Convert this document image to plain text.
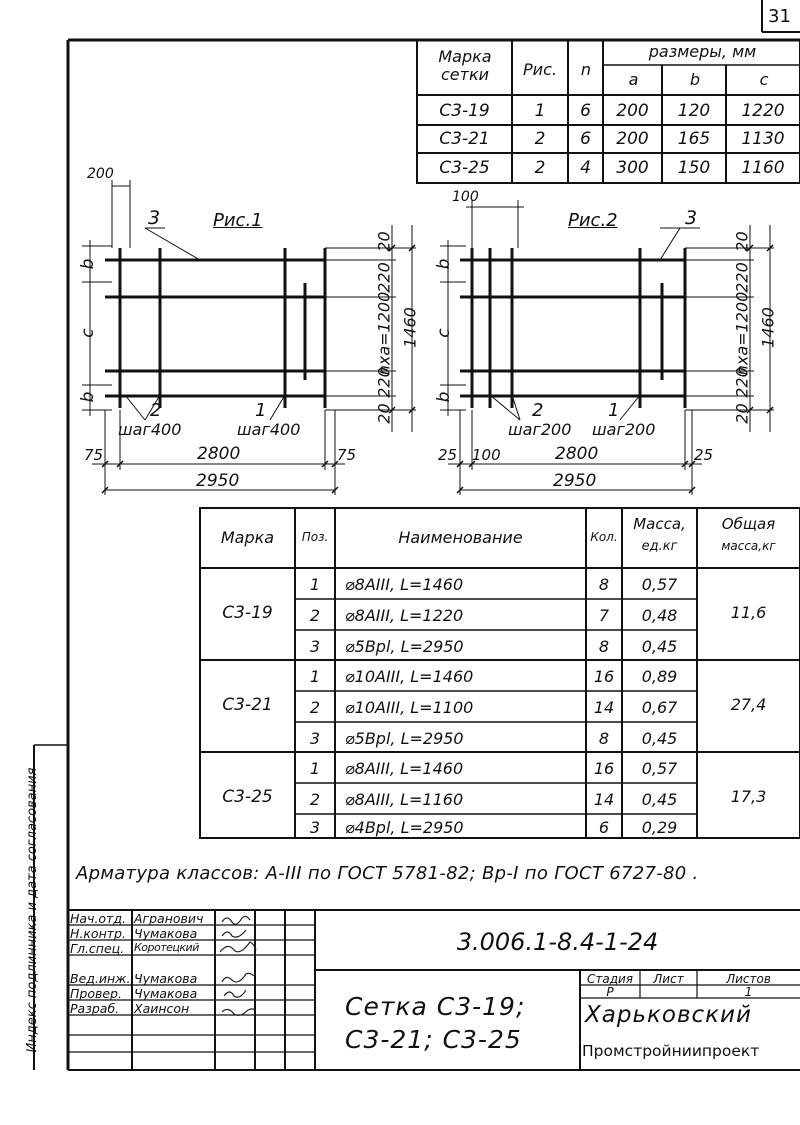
31
Марка сетки	Рис.	n
размеры, мм
a	b	c
С3-19	1	6	200	120	1220
С3-21	2	6	200	165	1130
С3-25	2	4	300	150	1160
200
3	Рис.1
b
c
b
20
220
nxa=1200
220
20
1460
2	1
шаг400	шаг400
75	2800	75
2950
100
Рис.2	3
b
c
b
20
220
nxa=1200
220
20
1460
2	1
шаг200 шаг200
25 100	2800	25
2950
Марка	Поз.	Наименование	Кол.
Масса,
ед.кг
Общая
масса,кг
С3-19	11,6
1	⌀8AIII, L=1460	8	0,57
2	⌀8AIII, L=1220	7	0,48
3	⌀5Bpl, L=2950	8	0,45
С3-21	27,4
1	⌀10AIII, L=1460	16	0,89
2	⌀10AIII, L=1100	14	0,67
3	⌀5Bpl, L=2950	8	0,45
С3-25	17,3
1	⌀8AIII, L=1460	16	0,57
2	⌀8AIII, L=1160	14	0,45
3	⌀4Bpl, L=2950	6	0,29
Арматура классов: A-III по ГОСТ 5781-82; Bp-I по ГОСТ 6727-80 .
Индекс подлинника и дата согласования	Нач.отд. Агранович
Н.контр. Чумакова
Гл.спец. Коротецкий
Вед.инж. Чумакова
Провер. Чумакова
Разраб. Хаинсон
3.006.1-8.4-1-24
Сетка С3-19;
С3-21; С3-25
Стадия	Лист	Листов
Р	1
Харьковский
Промстройниипроект
